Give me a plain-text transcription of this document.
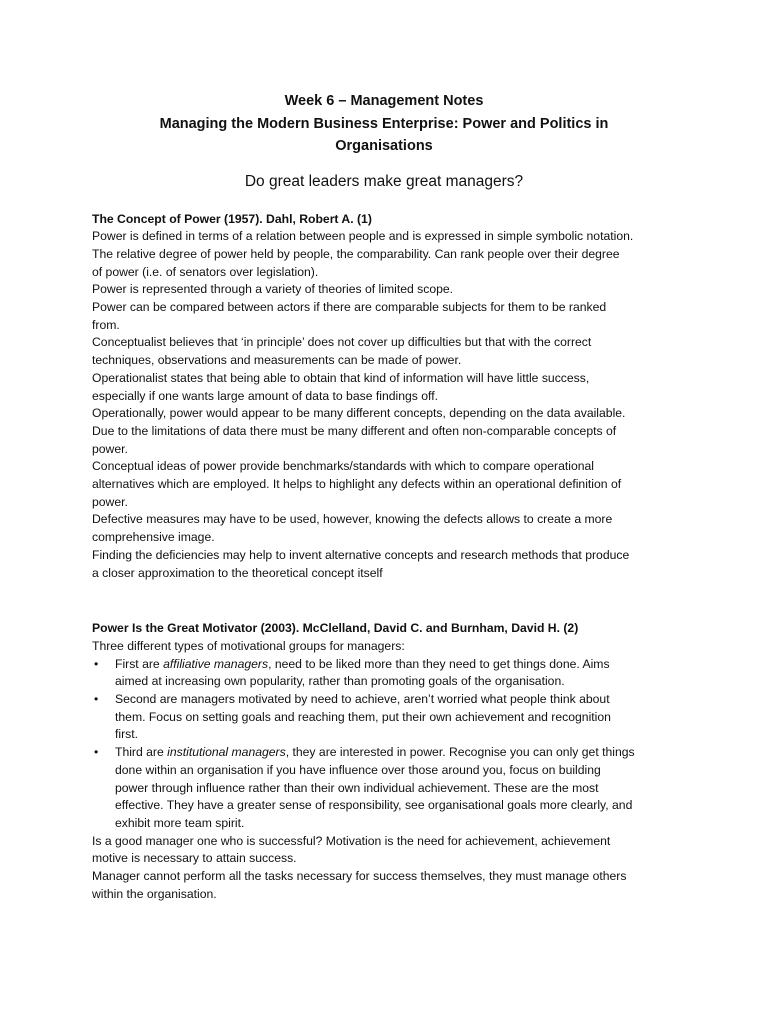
Week 6 – Management Notes

Managing the Modern Business Enterprise: Power and Politics in

Organisations

Do great leaders make great managers?

The Concept of Power (1957). Dahl, Robert A. (1)

Power is defined in terms of a relation between people and is expressed in simple symbolic notation.

The relative degree of power held by people, the comparability. Can rank people over their degree

of power (i.e. of senators over legislation).

Power is represented through a variety of theories of limited scope.

Power can be compared between actors if there are comparable subjects for them to be ranked

from.

Conceptualist believes that ‘in principle’ does not cover up difficulties but that with the correct

techniques, observations and measurements can be made of power.

Operationalist states that being able to obtain that kind of information will have little success,

especially if one wants large amount of data to base findings off.

Operationally, power would appear to be many different concepts, depending on the data available.

Due to the limitations of data there must be many different and often non-comparable concepts of

power.

Conceptual ideas of power provide benchmarks/standards with which to compare operational

alternatives which are employed. It helps to highlight any defects within an operational definition of

power.

Defective measures may have to be used, however, knowing the defects allows to create a more

comprehensive image.

Finding the deficiencies may help to invent alternative concepts and research methods that produce

a closer approximation to the theoretical concept itself

Power Is the Great Motivator (2003). McClelland, David C. and Burnham, David H. (2)

Three different types of motivational groups for managers:

• First are affiliative managers, need to be liked more than they need to get things done. Aims
aimed at increasing own popularity, rather than promoting goals of the organisation.
• Second are managers motivated by need to achieve, aren’t worried what people think about
them. Focus on setting goals and reaching them, put their own achievement and recognition
first.
• Third are institutional managers, they are interested in power. Recognise you can only get things
done within an organisation if you have influence over those around you, focus on building
power through influence rather than their own individual achievement. These are the most
effective. They have a greater sense of responsibility, see organisational goals more clearly, and
exhibit more team spirit.

Is a good manager one who is successful? Motivation is the need for achievement, achievement

motive is necessary to attain success.

Manager cannot perform all the tasks necessary for success themselves, they must manage others

within the organisation.
